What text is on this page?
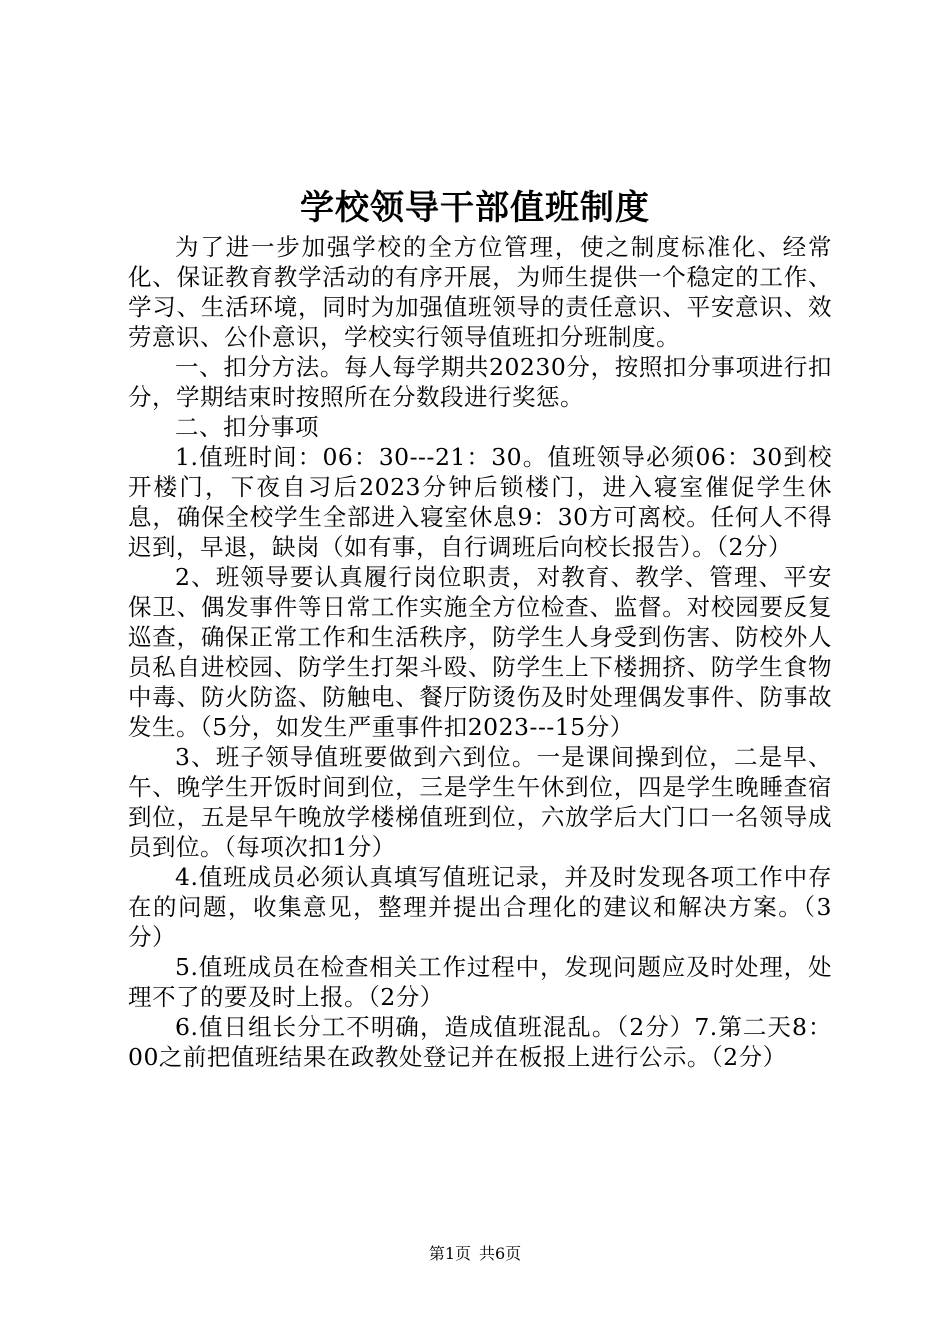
学校领导干部值班制度

为了进一步加强学校的全方位管理，使之制度标准化、经常化、保证教育教学活动的有序开展，为师生提供一个稳定的工作、学习、生活环境，同时为加强值班领导的责任意识、平安意识、效劳意识、公仆意识，学校实行领导值班扣分班制度。

一、扣分方法。每人每学期共20230分，按照扣分事项进行扣分，学期结束时按照所在分数段进行奖惩。

二、扣分事项

1.值班时间：06：30---21：30。值班领导必须06：30到校开楼门，下夜自习后2023分钟后锁楼门，进入寝室催促学生休息，确保全校学生全部进入寝室休息9：30方可离校。任何人不得迟到，早退，缺岗（如有事，自行调班后向校长报告）。（2分）

2、班领导要认真履行岗位职责，对教育、教学、管理、平安保卫、偶发事件等日常工作实施全方位检查、监督。对校园要反复巡查，确保正常工作和生活秩序，防学生人身受到伤害、防校外人员私自进校园、防学生打架斗殴、防学生上下楼拥挤、防学生食物中毒、防火防盗、防触电、餐厅防烫伤及时处理偶发事件、防事故发生。（5分，如发生严重事件扣2023---15分）

3、班子领导值班要做到六到位。一是课间操到位，二是早、午、晚学生开饭时间到位，三是学生午休到位，四是学生晚睡查宿到位，五是早午晚放学楼梯值班到位，六放学后大门口一名领导成员到位。（每项次扣1分）

4.值班成员必须认真填写值班记录，并及时发现各项工作中存在的问题，收集意见，整理并提出合理化的建议和解决方案。（3分）

5.值班成员在检查相关工作过程中，发现问题应及时处理，处理不了的要及时上报。（2分）

6.值日组长分工不明确，造成值班混乱。（2分）7.第二天8：00之前把值班结果在政教处登记并在板报上进行公示。（2分）

第1页 共6页
